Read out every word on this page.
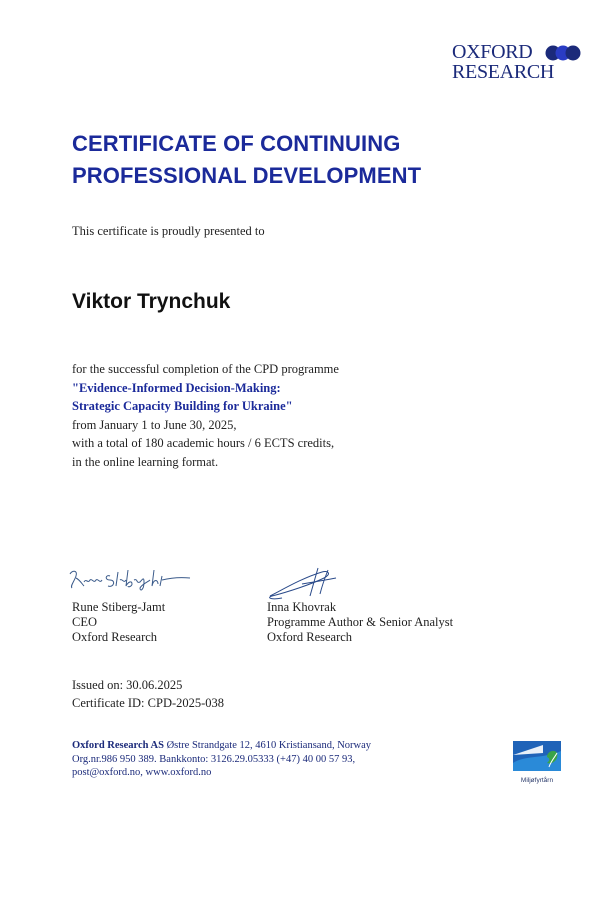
OXFORD
RESEARCH
CERTIFICATE OF CONTINUING
PROFESSIONAL DEVELOPMENT
This certificate is proudly presented to
Viktor Trynchuk
for the successful completion of the CPD programme
"Evidence-Informed Decision-Making:
Strategic Capacity Building for Ukraine"
from January 1 to June 30, 2025,
with a total of 180 academic hours / 6 ECTS credits,
in the online learning format.
Rune Stiberg-Jamt
CEO
Oxford Research
Inna Khovrak
Programme Author & Senior Analyst
Oxford Research
Issued on: 30.06.2025
Certificate ID: CPD-2025-038
Oxford Research AS Østre Strandgate 12, 4610 Kristiansand, Norway
Org.nr.986 950 389. Bankkonto: 3126.29.05333 (+47) 40 00 57 93,
post@oxford.no, www.oxford.no
Miljøfyrtårn
